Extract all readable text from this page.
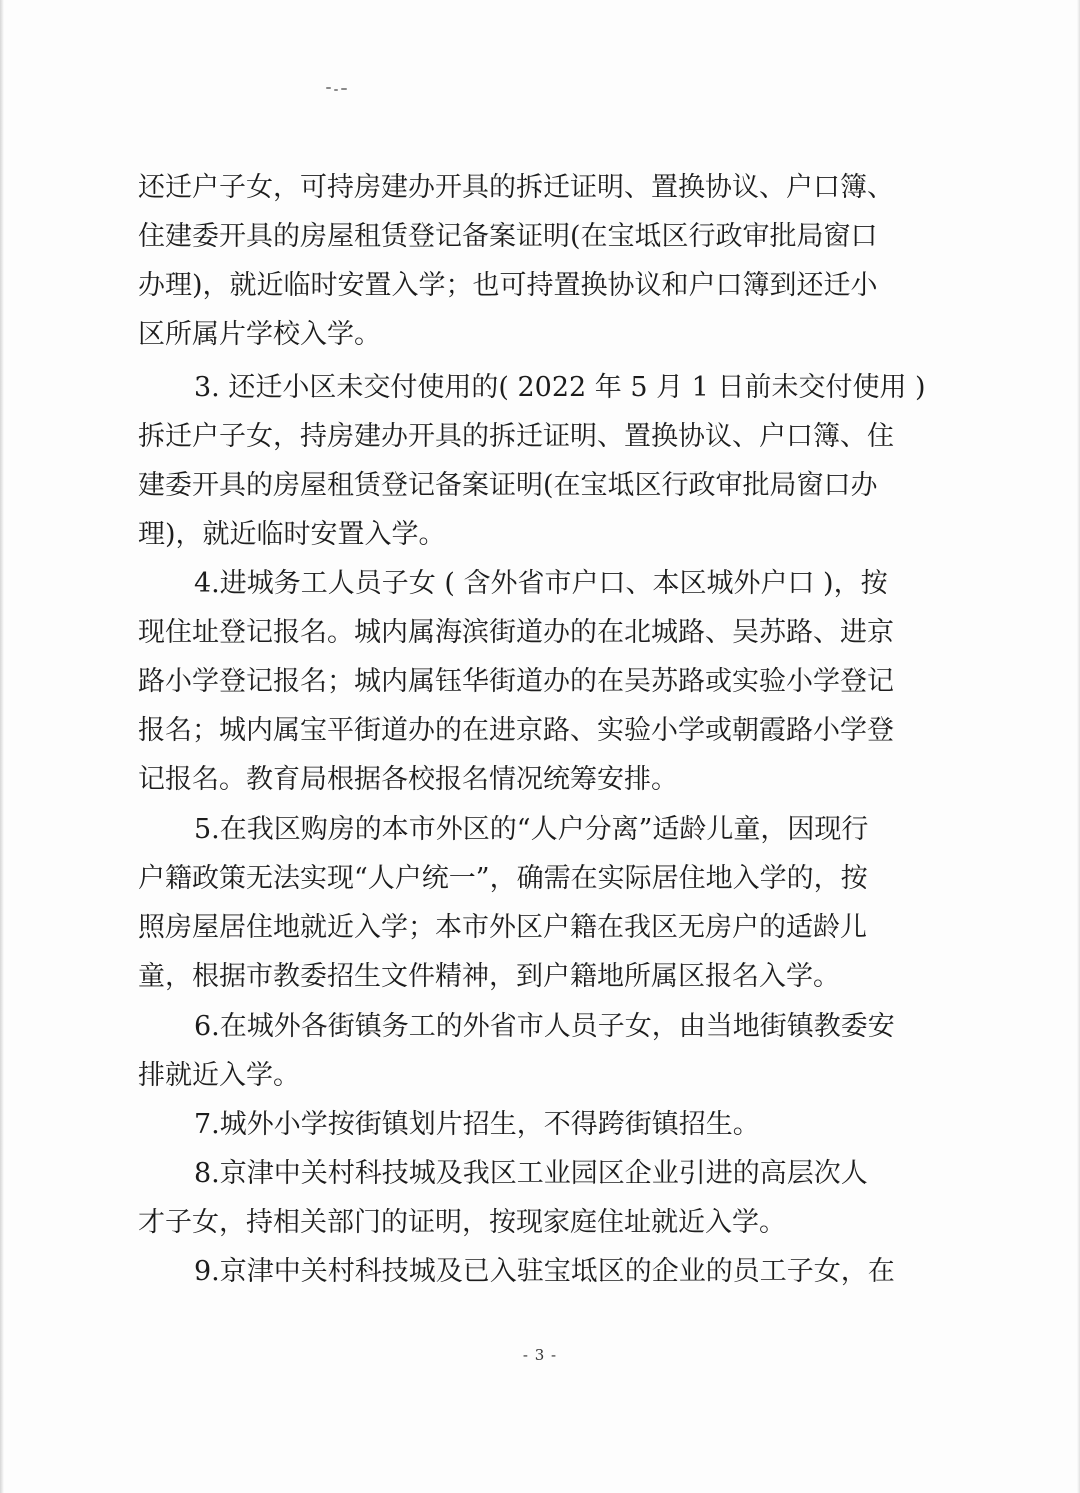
还迁户子女，可持房建办开具的拆迁证明、置换协议、户口簿、
住建委开具的房屋租赁登记备案证明(在宝坻区行政审批局窗口
办理)，就近临时安置入学；也可持置换协议和户口簿到还迁小
区所属片学校入学。
3. 还迁小区未交付使用的( 2022 年 5 月 1 日前未交付使用 )
拆迁户子女，持房建办开具的拆迁证明、置换协议、户口簿、住
建委开具的房屋租赁登记备案证明(在宝坻区行政审批局窗口办
理)，就近临时安置入学。
4.进城务工人员子女 ( 含外省市户口、本区城外户口 )，按
现住址登记报名。城内属海滨街道办的在北城路、吴苏路、进京
路小学登记报名；城内属钰华街道办的在吴苏路或实验小学登记
报名；城内属宝平街道办的在进京路、实验小学或朝霞路小学登
记报名。教育局根据各校报名情况统筹安排。
5.在我区购房的本市外区的“人户分离”适龄儿童，因现行
户籍政策无法实现“人户统一”，确需在实际居住地入学的，按
照房屋居住地就近入学；本市外区户籍在我区无房户的适龄儿
童，根据市教委招生文件精神，到户籍地所属区报名入学。
6.在城外各街镇务工的外省市人员子女，由当地街镇教委安
排就近入学。
7.城外小学按街镇划片招生，不得跨街镇招生。
8.京津中关村科技城及我区工业园区企业引进的高层次人
才子女，持相关部门的证明，按现家庭住址就近入学。
9.京津中关村科技城及已入驻宝坻区的企业的员工子女，在
- 3 -
